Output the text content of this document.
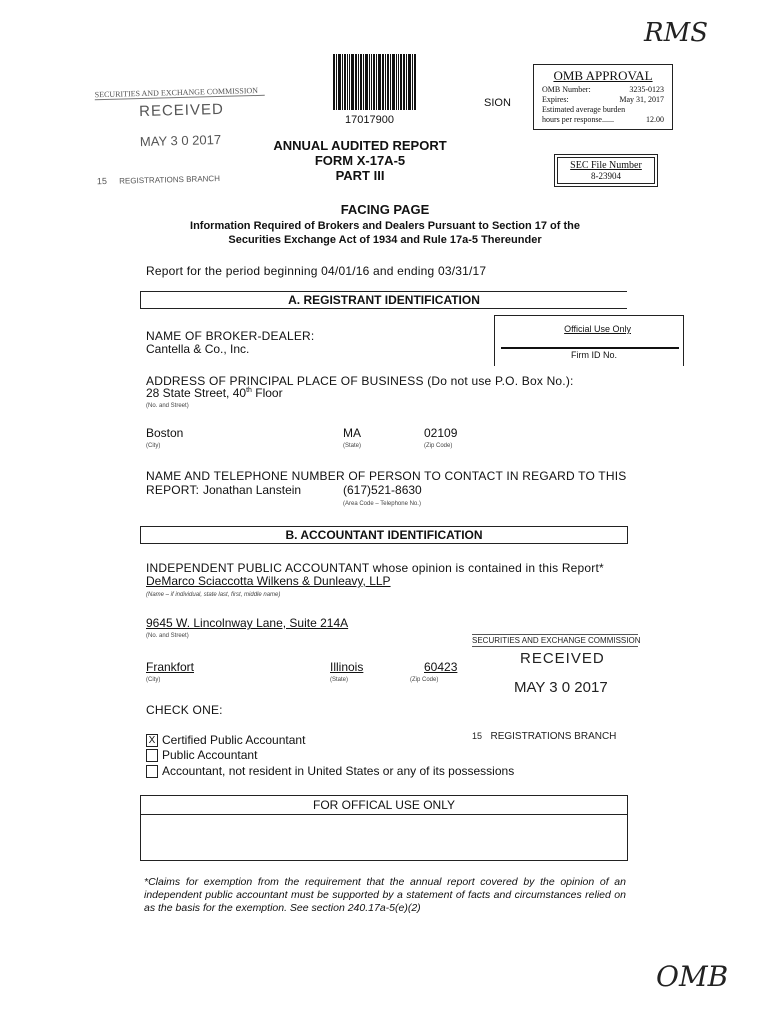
RMS
OMB
SECURITIES AND EXCHANGE COMMISSION
RECEIVED
MAY 3 0 2017
15 REGISTRATIONS BRANCH
17017900
SION
OMB APPROVAL
OMB Number:	3235-0123
Expires:	May 31, 2017
Estimated average burden
hours per response......	12.00
SEC File Number
8-23904
ANNUAL AUDITED REPORT
FORM X-17A-5
PART III
FACING PAGE
Information Required of Brokers and Dealers Pursuant to Section 17 of the
Securities Exchange Act of 1934 and Rule 17a-5 Thereunder
Report for the period beginning 04/01/16 and ending 03/31/17
A. REGISTRANT IDENTIFICATION
NAME OF BROKER-DEALER:
Cantella & Co., Inc.
Official Use Only
Firm ID No.
ADDRESS OF PRINCIPAL PLACE OF BUSINESS (Do not use P.O. Box No.):
28 State Street, 40th Floor
(No. and Street)
Boston
(City)
MA
(State)
02109
(Zip Code)
NAME AND TELEPHONE NUMBER OF PERSON TO CONTACT IN REGARD TO THIS
REPORT: Jonathan Lanstein	(617)521-8630
(Area Code – Telephone No.)
B. ACCOUNTANT IDENTIFICATION
INDEPENDENT PUBLIC ACCOUNTANT whose opinion is contained in this Report*
DeMarco Sciaccotta Wilkens & Dunleavy, LLP
(Name – if individual, state last, first, middle name)
9645 W. Lincolnway Lane, Suite 214A
(No. and Street)
Frankfort
(City)
Illinois
(State)
60423
(Zip Code)
CHECK ONE:
X Certified Public Accountant
Public Accountant
Accountant, not resident in United States or any of its possessions
SECURITIES AND EXCHANGE COMMISSION
RECEIVED
MAY 3 0 2017
15 REGISTRATIONS BRANCH
FOR OFFICAL USE ONLY
*Claims for exemption from the requirement that the annual report covered by the opinion of an independent public accountant must be supported by a statement of facts and circumstances relied on as the basis for the exemption. See section 240.17a-5(e)(2)
